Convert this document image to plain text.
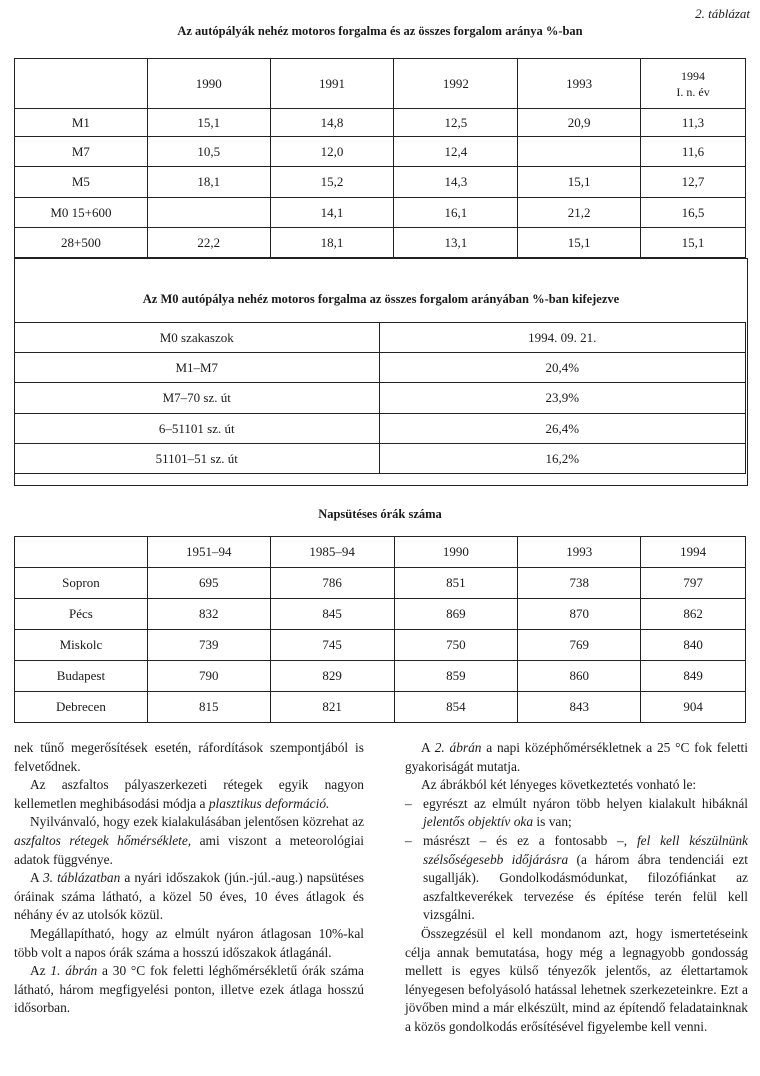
2. táblázat
Az autópályák nehéz motoros forgalma és az összes forgalom aránya %-ban
	1990	1991	1992	1993	1994
I. n. év
M1	15,1	14,8	12,5	20,9	11,3
M7	10,5	12,0	12,4		11,6
M5	18,1	15,2	14,3	15,1	12,7
M0 15+600		14,1	16,1	21,2	16,5
28+500	22,2	18,1	13,1	15,1	15,1
Az M0 autópálya nehéz motoros forgalma az összes forgalom arányában %-ban kifejezve
M0 szakaszok	1994. 09. 21.
M1–M7	20,4%
M7–70 sz. út	23,9%
6–51101 sz. út	26,4%
51101–51 sz. út	16,2%
Napsütéses órák száma
	1951–94	1985–94	1990	1993	1994
Sopron	695	786	851	738	797
Pécs	832	845	869	870	862
Miskolc	739	745	750	769	840
Budapest	790	829	859	860	849
Debrecen	815	821	854	843	904

nek tűnő megerősítések esetén, ráfordítások szempontjából is felvetődnek.

Az aszfaltos pályaszerkezeti rétegek egyik nagyon kellemetlen meghibásodási módja a plasztikus deformáció.

Nyilvánvaló, hogy ezek kialakulásában jelentősen közrehat az aszfaltos rétegek hőmérséklete, ami viszont a meteorológiai adatok függvénye.

A 3. táblázatban a nyári időszakok (jún.-júl.-aug.) napsütéses óráinak száma látható, a közel 50 éves, 10 éves átlagok és néhány év az utolsók közül.

Megállapítható, hogy az elmúlt nyáron átlagosan 10%-kal több volt a napos órák száma a hosszú időszakok átlagánál.

Az 1. ábrán a 30 °C fok feletti léghőmérsékletű órák száma látható, három megfigyelési ponton, illetve ezek átlaga hosszú idősorban.

A 2. ábrán a napi középhőmérsékletnek a 25 °C fok feletti gyakoriságát mutatja.

Az ábrákból két lényeges következtetés vonható le:

– egyrészt az elmúlt nyáron több helyen kialakult hibáknál jelentős objektív oka is van;
– másrészt – és ez a fontosabb –, fel kell készülnünk szélsőségesebb időjárásra (a három ábra tendenciái ezt sugallják). Gondolkodásmódunkat, filozófiánkat az aszfaltkeverékek tervezése és építése terén felül kell vizsgálni.

Összegzésül el kell mondanom azt, hogy ismertetéseink célja annak bemutatása, hogy még a legnagyobb gondosság mellett is egyes külső tényezők jelentős, az élettartamok lényegesen befolyásoló hatással lehetnek szerkezeteinkre. Ezt a jövőben mind a már elkészült, mind az építendő feladatainknak a közös gondolkodás erősítésével figyelembe kell venni.
